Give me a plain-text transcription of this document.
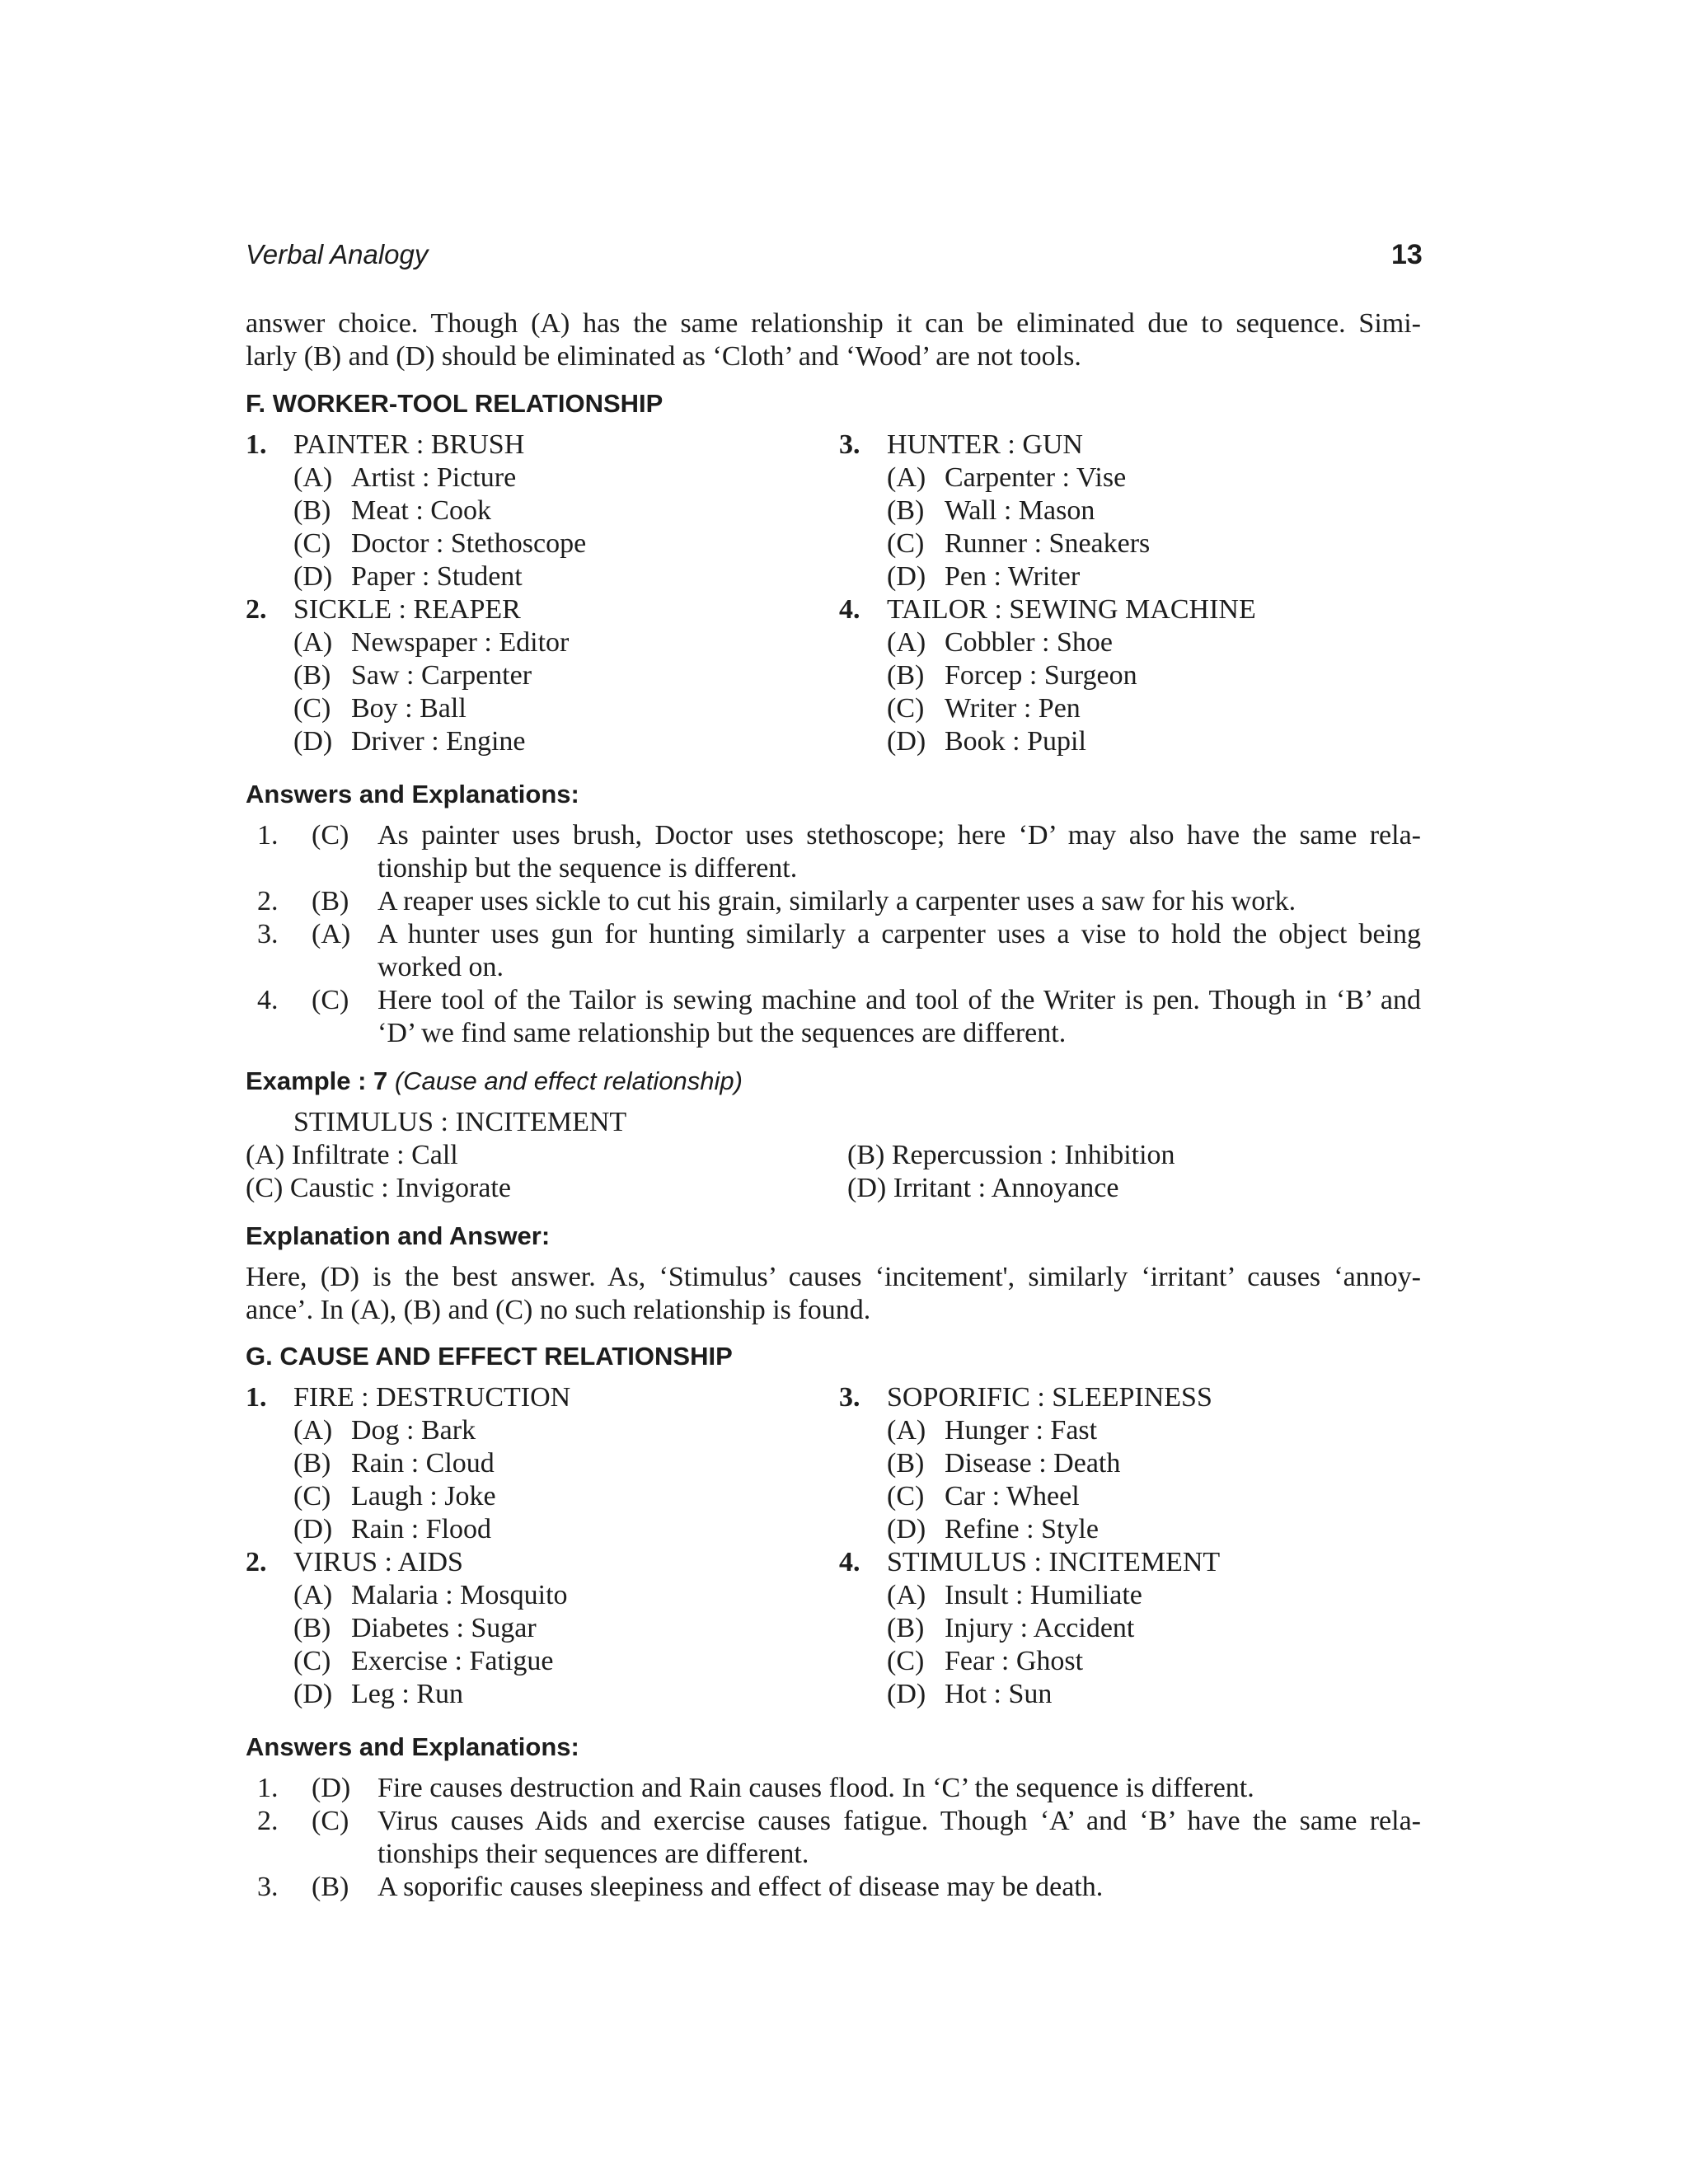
Verbal Analogy	13
answer choice. Though (A) has the same relationship it can be eliminated due to sequence. Simi-
larly (B) and (D) should be eliminated as ‘Cloth’ and ‘Wood’ are not tools.
F. WORKER-TOOL RELATIONSHIP
1. PAINTER : BRUSH
(A) Artist : Picture
(B) Meat : Cook
(C) Doctor : Stethoscope
(D) Paper : Student
2. SICKLE : REAPER
(A) Newspaper : Editor
(B) Saw : Carpenter
(C) Boy : Ball
(D) Driver : Engine
3. HUNTER : GUN
(A) Carpenter : Vise
(B) Wall : Mason
(C) Runner : Sneakers
(D) Pen : Writer
4. TAILOR : SEWING MACHINE
(A) Cobbler : Shoe
(B) Forcep : Surgeon
(C) Writer : Pen
(D) Book : Pupil
Answers and Explanations:
1. (C) As painter uses brush, Doctor uses stethoscope; here ‘D’ may also have the same rela-
tionship but the sequence is different.
2. (B) A reaper uses sickle to cut his grain, similarly a carpenter uses a saw for his work.
3. (A) A hunter uses gun for hunting similarly a carpenter uses a vise to hold the object being
worked on.
4. (C) Here tool of the Tailor is sewing machine and tool of the Writer is pen. Though in ‘B’ and
‘D’ we find same relationship but the sequences are different.
Example : 7 (Cause and effect relationship)
STIMULUS : INCITEMENT
(A) Infiltrate : Call	(B) Repercussion : Inhibition
(C) Caustic : Invigorate	(D) Irritant : Annoyance
Explanation and Answer:
Here, (D) is the best answer. As, ‘Stimulus’ causes ‘incitement', similarly ‘irritant’ causes ‘annoy-
ance’. In (A), (B) and (C) no such relationship is found.
G. CAUSE AND EFFECT RELATIONSHIP
1. FIRE : DESTRUCTION
(A) Dog : Bark
(B) Rain : Cloud
(C) Laugh : Joke
(D) Rain : Flood
2. VIRUS : AIDS
(A) Malaria : Mosquito
(B) Diabetes : Sugar
(C) Exercise : Fatigue
(D) Leg : Run
3. SOPORIFIC : SLEEPINESS
(A) Hunger : Fast
(B) Disease : Death
(C) Car : Wheel
(D) Refine : Style
4. STIMULUS : INCITEMENT
(A) Insult : Humiliate
(B) Injury : Accident
(C) Fear : Ghost
(D) Hot : Sun
Answers and Explanations:
1. (D) Fire causes destruction and Rain causes flood. In ‘C’ the sequence is different.
2. (C) Virus causes Aids and exercise causes fatigue. Though ‘A’ and ‘B’ have the same rela-
tionships their sequences are different.
3. (B) A soporific causes sleepiness and effect of disease may be death.
